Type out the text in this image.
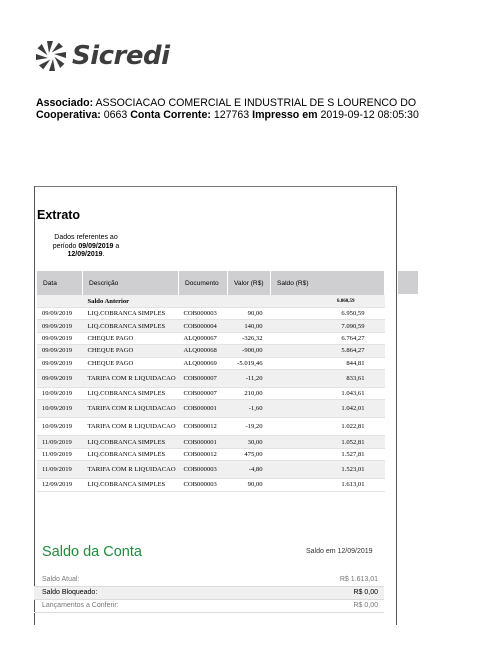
Sicredi
Associado: ASSOCIACAO COMERCIAL E INDUSTRIAL DE S LOURENCO DO
Cooperativa: 0663 Conta Corrente: 127763 Impresso em 2019-09-12 08:05:30
Extrato
Dados referentes ao
período 09/09/2019 a
12/09/2019.
Data	Descrição	Documento	Valor (R$)	Saldo (R$)
	Saldo Anterior			6.860,59
09/09/2019	LIQ.COBRANCA SIMPLES	COB000003	90,00	6.950,59
09/09/2019	LIQ.COBRANCA SIMPLES	COB000004	140,00	7.090,59
09/09/2019	CHEQUE PAGO	ALQ000067	-326,32	6.764,27
09/09/2019	CHEQUE PAGO	ALQ000068	-900,00	5.864,27
09/09/2019	CHEQUE PAGO	ALQ000069	-5.019,46	844,81
09/09/2019	TARIFA COM R LIQUIDACAO	COB000007	-11,20	833,61
10/09/2019	LIQ.COBRANCA SIMPLES	COB000007	210,00	1.043,61
10/09/2019	TARIFA COM R LIQUIDACAO	COB000001	-1,60	1.042,01
10/09/2019	TARIFA COM R LIQUIDACAO	COB000012	-19,20	1.022,81
11/09/2019	LIQ.COBRANCA SIMPLES	COB000001	30,00	1.052,81
11/09/2019	LIQ.COBRANCA SIMPLES	COB000012	475,00	1.527,81
11/09/2019	TARIFA COM R LIQUIDACAO	COB000003	-4,80	1.523,01
12/09/2019	LIQ.COBRANCA SIMPLES	COB000003	90,00	1.613,01
Saldo da Conta	Saldo em 12/09/2019
Saldo Atual:	R$ 1.613,01
Saldo Bloqueado:	R$ 0,00
Lançamentos a Conferir:	R$ 0,00
